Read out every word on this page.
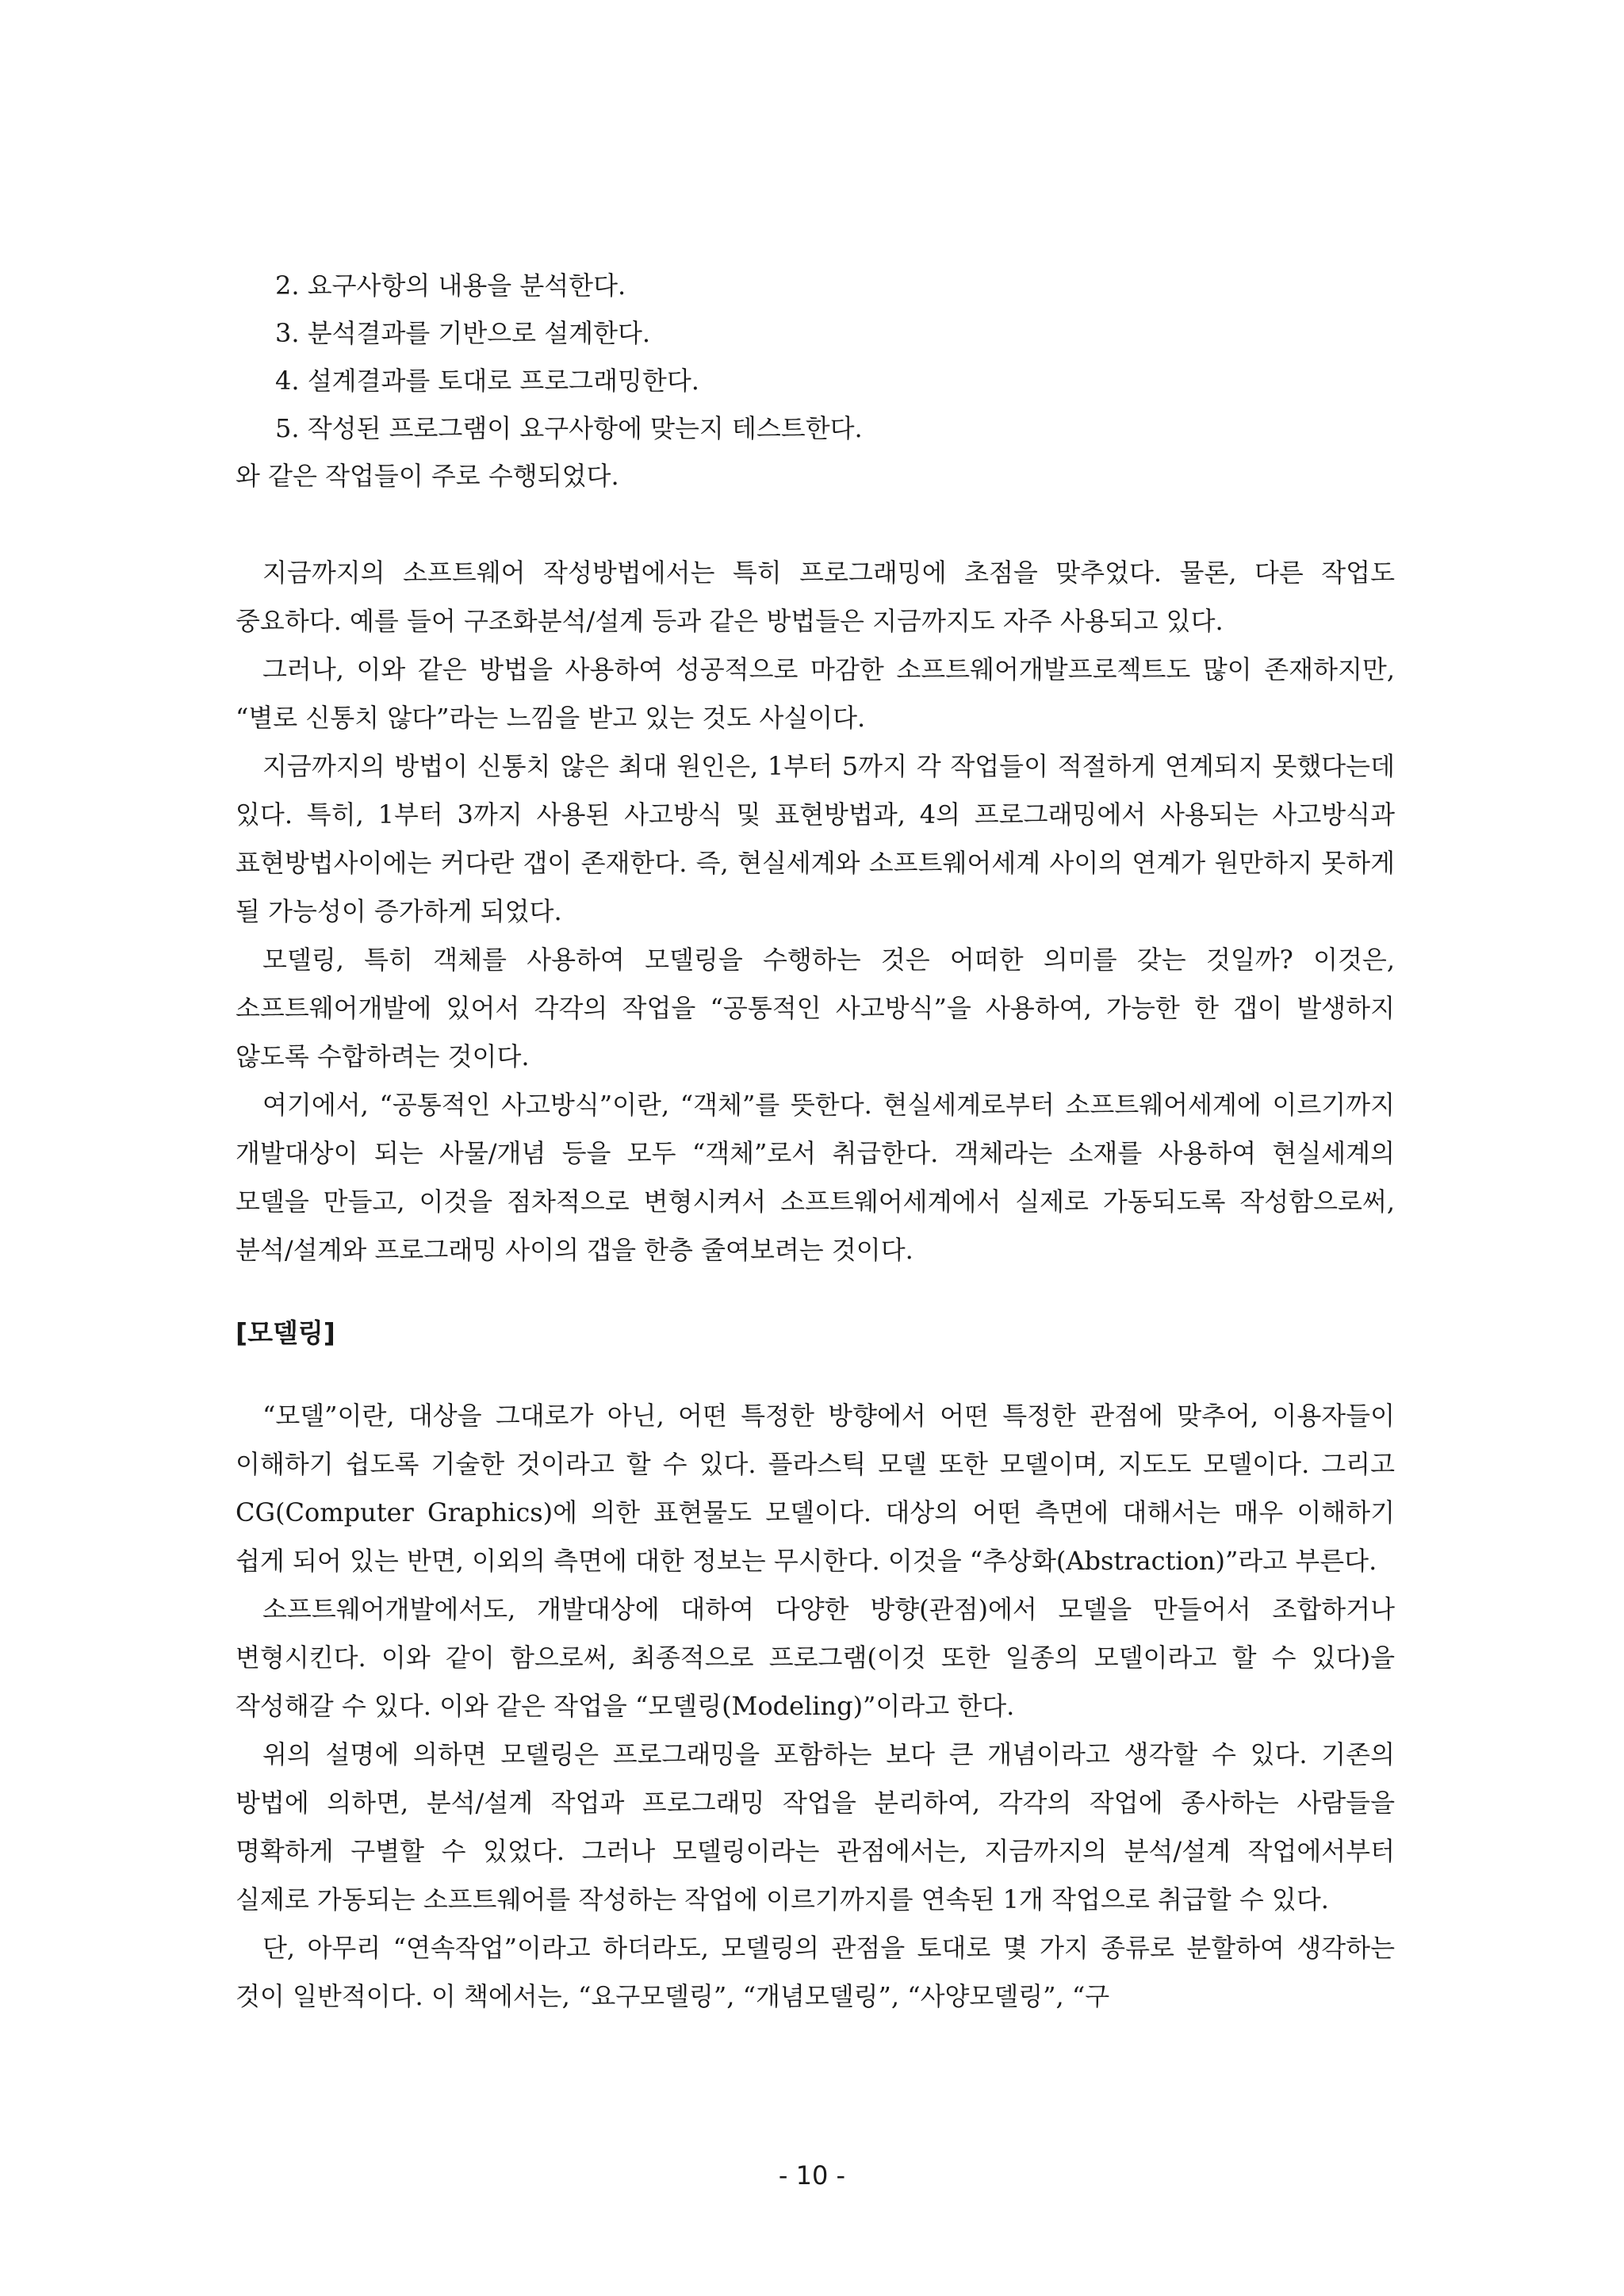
2. 요구사항의 내용을 분석한다.
3. 분석결과를 기반으로 설계한다.
4. 설계결과를 토대로 프로그래밍한다.
5. 작성된 프로그램이 요구사항에 맞는지 테스트한다.
와 같은 작업들이 주로 수행되었다.

지금까지의 소프트웨어 작성방법에서는 특히 프로그래밍에 초점을 맞추었다. 물론, 다른 작업도 중요하다. 예를 들어 구조화분석/설계 등과 같은 방법들은 지금까지도 자주 사용되고 있다.

그러나, 이와 같은 방법을 사용하여 성공적으로 마감한 소프트웨어개발프로젝트도 많이 존재하지만, “별로 신통치 않다”라는 느낌을 받고 있는 것도 사실이다.

지금까지의 방법이 신통치 않은 최대 원인은, 1부터 5까지 각 작업들이 적절하게 연계되지 못했다는데 있다. 특히, 1부터 3까지 사용된 사고방식 및 표현방법과, 4의 프로그래밍에서 사용되는 사고방식과 표현방법사이에는 커다란 갭이 존재한다. 즉, 현실세계와 소프트웨어세계 사이의 연계가 원만하지 못하게 될 가능성이 증가하게 되었다.

모델링, 특히 객체를 사용하여 모델링을 수행하는 것은 어떠한 의미를 갖는 것일까? 이것은, 소프트웨어개발에 있어서 각각의 작업을 “공통적인 사고방식”을 사용하여, 가능한 한 갭이 발생하지 않도록 수합하려는 것이다.

여기에서, “공통적인 사고방식”이란, “객체”를 뜻한다. 현실세계로부터 소프트웨어세계에 이르기까지 개발대상이 되는 사물/개념 등을 모두 “객체”로서 취급한다. 객체라는 소재를 사용하여 현실세계의 모델을 만들고, 이것을 점차적으로 변형시켜서 소프트웨어세계에서 실제로 가동되도록 작성함으로써, 분석/설계와 프로그래밍 사이의 갭을 한층 줄여보려는 것이다.

[모델링]

“모델”이란, 대상을 그대로가 아닌, 어떤 특정한 방향에서 어떤 특정한 관점에 맞추어, 이용자들이 이해하기 쉽도록 기술한 것이라고 할 수 있다. 플라스틱 모델 또한 모델이며, 지도도 모델이다. 그리고 CG(Computer Graphics)에 의한 표현물도 모델이다. 대상의 어떤 측면에 대해서는 매우 이해하기 쉽게 되어 있는 반면, 이외의 측면에 대한 정보는 무시한다. 이것을 “추상화(Abstraction)”라고 부른다.

소프트웨어개발에서도, 개발대상에 대하여 다양한 방향(관점)에서 모델을 만들어서 조합하거나 변형시킨다. 이와 같이 함으로써, 최종적으로 프로그램(이것 또한 일종의 모델이라고 할 수 있다)을 작성해갈 수 있다. 이와 같은 작업을 “모델링(Modeling)”이라고 한다.

위의 설명에 의하면 모델링은 프로그래밍을 포함하는 보다 큰 개념이라고 생각할 수 있다. 기존의 방법에 의하면, 분석/설계 작업과 프로그래밍 작업을 분리하여, 각각의 작업에 종사하는 사람들을 명확하게 구별할 수 있었다. 그러나 모델링이라는 관점에서는, 지금까지의 분석/설계 작업에서부터 실제로 가동되는 소프트웨어를 작성하는 작업에 이르기까지를 연속된 1개 작업으로 취급할 수 있다.

단, 아무리 “연속작업”이라고 하더라도, 모델링의 관점을 토대로 몇 가지 종류로 분할하여 생각하는 것이 일반적이다. 이 책에서는, “요구모델링”, “개념모델링”, “사양모델링”, “구

- 10 -
